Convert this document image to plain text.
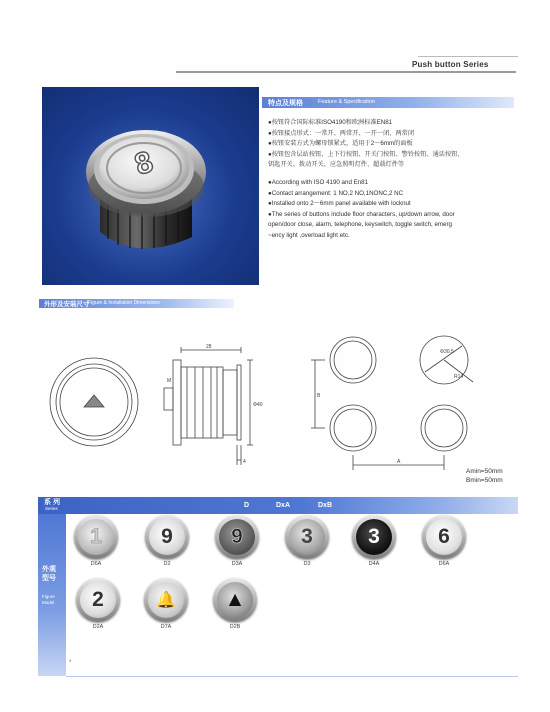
Push button Series
8
特点及规格	Feature & Specification
●按钮符合国际标准ISO4190和欧洲标准EN81
●按钮接点形式：一常开、两常开、一开一闭、两常闭
●按钮安装方式为螺母锁紧式，适用于2～6mm的面板
●按钮包含层站按钮、上下行按钮、开关门按钮、警铃按钮、通话按钮、
钥匙开关、拨动开关、应急照明灯件、超载灯件等
●According with ISO 4190 and En81
●Contact arrangement: 1 NO,2 NO,1NONC,2 NC
●Installed onto 2～6mm panel available with locknut
●The series of buttons include floor characters, up/down arrow, door
open/door close, alarm, telephone, keyswitch, toggle switch, emerg
~ency light ,overload light etc.
外形及安装尺寸
Figure & Installation Dimensions
28
Φ40
M
4
Φ30.5
R14
B
A
Amin=50mm
Bmin=50mm
系 列
Series	D	DxA	DxB
外观
型号
Figure
Model
1
D6A
9
D2
9
D3A
3
D3
3
D4A
6
D6A
2
D2A
🔔
D7A
▲
D2B
*
